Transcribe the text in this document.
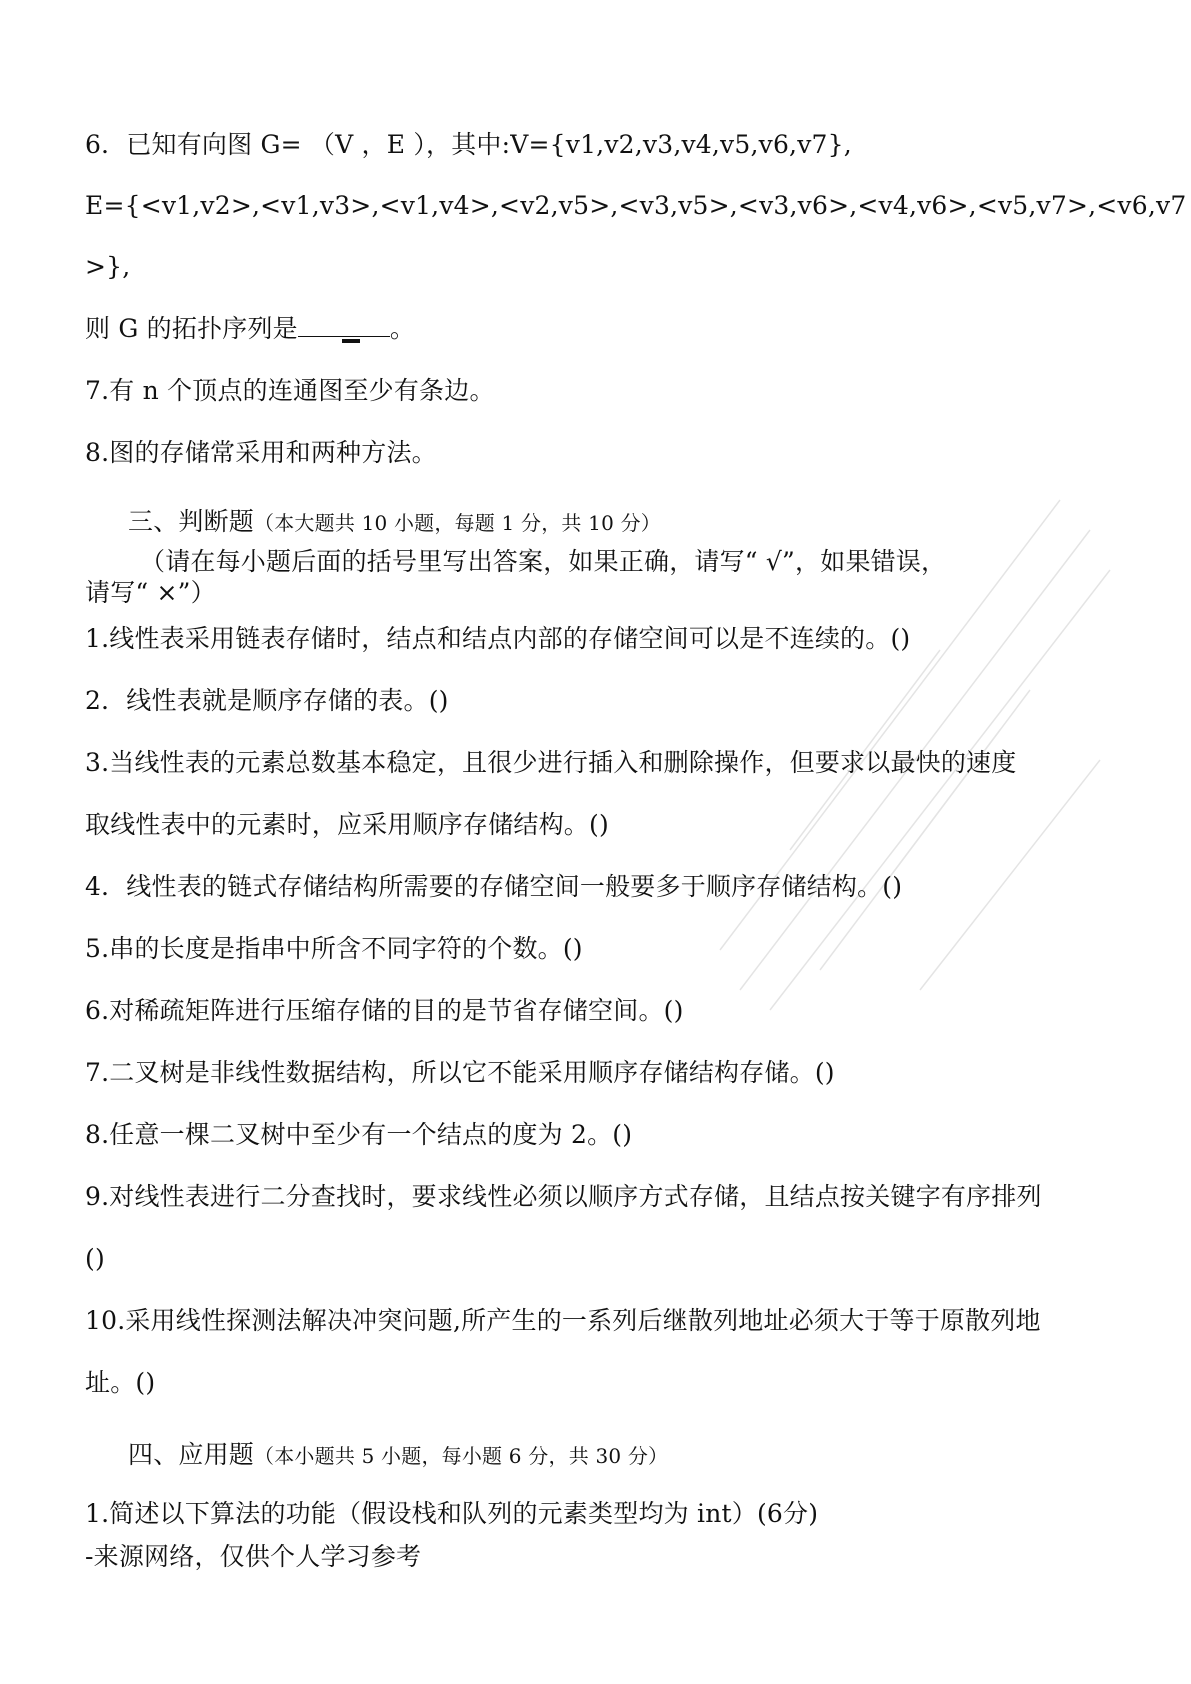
6．已知有向图 G= （V ，E ），其中:V={v1,v2,v3,v4,v5,v6,v7},
E={<v1,v2>,<v1,v3>,<v1,v4>,<v2,v5>,<v3,v5>,<v3,v6>,<v4,v6>,<v5,v7>,<v6,v7
>},
则 G 的拓扑序列是	。
7.有 n 个顶点的连通图至少有条边。
8.图的存储常采用和两种方法。
三、判断题（本大题共 10 小题，每题 1 分，共 10 分）
（请在每小题后面的括号里写出答案，如果正确，请写“ √”，如果错误，
请写“ ×”）
1.线性表采用链表存储时，结点和结点内部的存储空间可以是不连续的。()
2．线性表就是顺序存储的表。()
3.当线性表的元素总数基本稳定，且很少进行插入和删除操作，但要求以最快的速度
取线性表中的元素时，应采用顺序存储结构。()
4．线性表的链式存储结构所需要的存储空间一般要多于顺序存储结构。()
5.串的长度是指串中所含不同字符的个数。()
6.对稀疏矩阵进行压缩存储的目的是节省存储空间。()
7.二叉树是非线性数据结构，所以它不能采用顺序存储结构存储。()
8.任意一棵二叉树中至少有一个结点的度为 2。()
9.对线性表进行二分查找时，要求线性必须以顺序方式存储，且结点按关键字有序排列
()
10.采用线性探测法解决冲突问题,所产生的一系列后继散列地址必须大于等于原散列地
址。()
四、应用题（本小题共 5 小题，每小题 6 分，共 30 分）
1.简述以下算法的功能（假设栈和队列的元素类型均为 int）(6分)
-来源网络，仅供个人学习参考
